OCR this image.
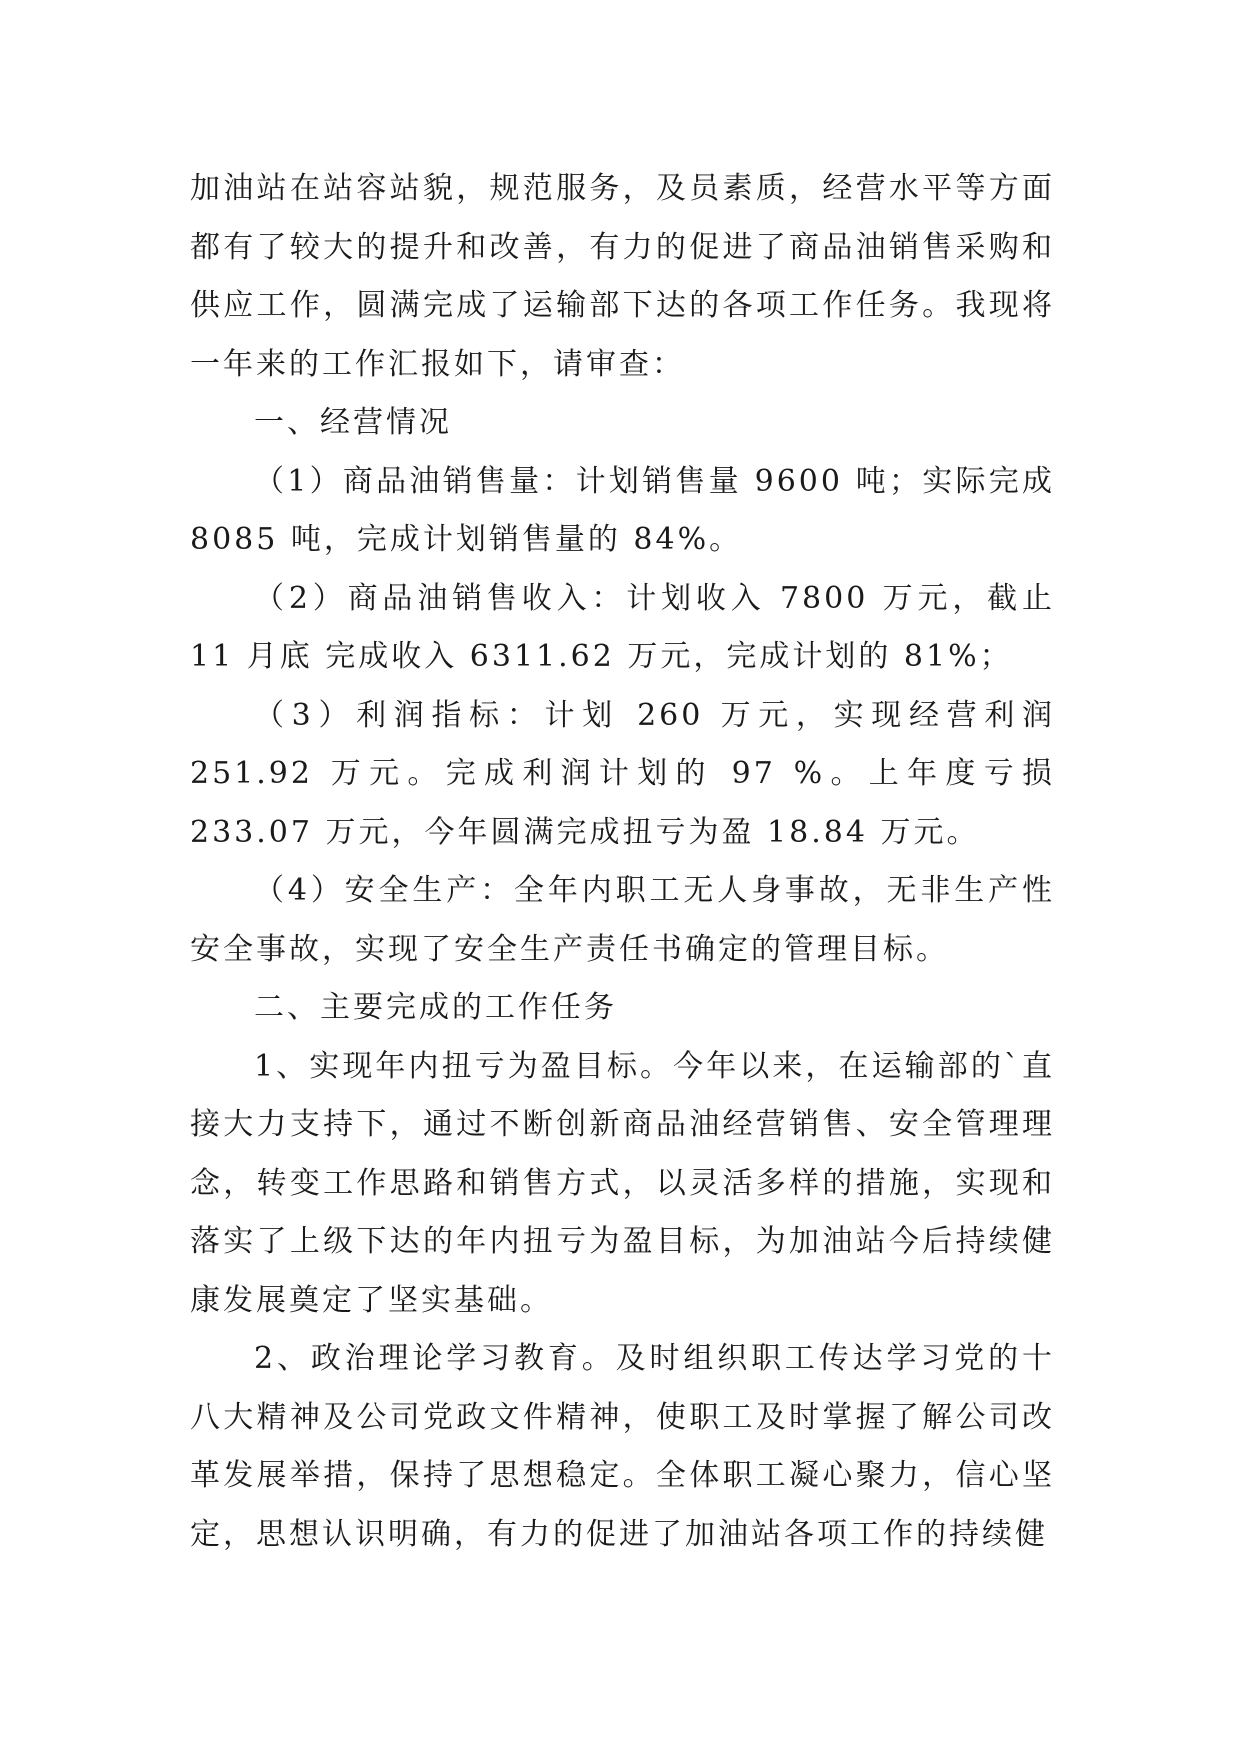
加油站在站容站貌，规范服务，及员素质，经营水平等方面都有了较大的提升和改善，有力的促进了商品油销售采购和供应工作，圆满完成了运输部下达的各项工作任务。我现将一年来的工作汇报如下，请审查：

一、经营情况

（1）商品油销售量：计划销售量 9600 吨；实际完成 8085 吨，完成计划销售量的 84%。

（2）商品油销售收入：计划收入 7800 万元，截止 11 月底 完成收入 6311.62 万元，完成计划的 81%；

（3）利润指标：计划 260 万元，实现经营利润 251.92 万元。完成利润计划的 97 %。上年度亏损 233.07 万元，今年圆满完成扭亏为盈 18.84 万元。

（4）安全生产：全年内职工无人身事故，无非生产性安全事故，实现了安全生产责任书确定的管理目标。

二、主要完成的工作任务

1、实现年内扭亏为盈目标。今年以来，在运输部的`直接大力支持下，通过不断创新商品油经营销售、安全管理理念，转变工作思路和销售方式，以灵活多样的措施，实现和落实了上级下达的年内扭亏为盈目标，为加油站今后持续健康发展奠定了坚实基础。

2、政治理论学习教育。及时组织职工传达学习党的十八大精神及公司党政文件精神，使职工及时掌握了解公司改革发展举措，保持了思想稳定。全体职工凝心聚力，信心坚定，思想认识明确，有力的促进了加油站各项工作的持续健
